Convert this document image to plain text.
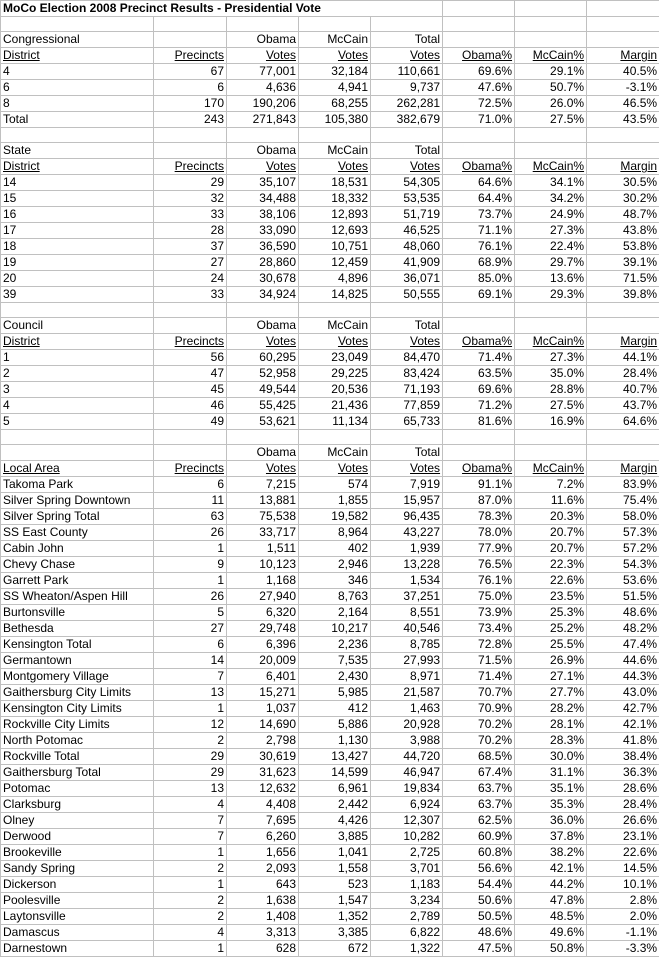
MoCo Election 2008 Precinct Results - Presidential Vote							

Congressional		Obama	McCain	Total			
District	Precincts	Votes	Votes	Votes	Obama%	McCain%	Margin
4	67	77,001	32,184	110,661	69.6%	29.1%	40.5%
6	6	4,636	4,941	9,737	47.6%	50.7%	-3.1%
8	170	190,206	68,255	262,281	72.5%	26.0%	46.5%
Total	243	271,843	105,380	382,679	71.0%	27.5%	43.5%

State		Obama	McCain	Total			
District	Precincts	Votes	Votes	Votes	Obama%	McCain%	Margin
14	29	35,107	18,531	54,305	64.6%	34.1%	30.5%
15	32	34,488	18,332	53,535	64.4%	34.2%	30.2%
16	33	38,106	12,893	51,719	73.7%	24.9%	48.7%
17	28	33,090	12,693	46,525	71.1%	27.3%	43.8%
18	37	36,590	10,751	48,060	76.1%	22.4%	53.8%
19	27	28,860	12,459	41,909	68.9%	29.7%	39.1%
20	24	30,678	4,896	36,071	85.0%	13.6%	71.5%
39	33	34,924	14,825	50,555	69.1%	29.3%	39.8%

Council		Obama	McCain	Total			
District	Precincts	Votes	Votes	Votes	Obama%	McCain%	Margin
1	56	60,295	23,049	84,470	71.4%	27.3%	44.1%
2	47	52,958	29,225	83,424	63.5%	35.0%	28.4%
3	45	49,544	20,536	71,193	69.6%	28.8%	40.7%
4	46	55,425	21,436	77,859	71.2%	27.5%	43.7%
5	49	53,621	11,134	65,733	81.6%	16.9%	64.6%

		Obama	McCain	Total			
Local Area	Precincts	Votes	Votes	Votes	Obama%	McCain%	Margin
Takoma Park	6	7,215	574	7,919	91.1%	7.2%	83.9%
Silver Spring Downtown	11	13,881	1,855	15,957	87.0%	11.6%	75.4%
Silver Spring Total	63	75,538	19,582	96,435	78.3%	20.3%	58.0%
SS East County	26	33,717	8,964	43,227	78.0%	20.7%	57.3%
Cabin John	1	1,511	402	1,939	77.9%	20.7%	57.2%
Chevy Chase	9	10,123	2,946	13,228	76.5%	22.3%	54.3%
Garrett Park	1	1,168	346	1,534	76.1%	22.6%	53.6%
SS Wheaton/Aspen Hill	26	27,940	8,763	37,251	75.0%	23.5%	51.5%
Burtonsville	5	6,320	2,164	8,551	73.9%	25.3%	48.6%
Bethesda	27	29,748	10,217	40,546	73.4%	25.2%	48.2%
Kensington Total	6	6,396	2,236	8,785	72.8%	25.5%	47.4%
Germantown	14	20,009	7,535	27,993	71.5%	26.9%	44.6%
Montgomery Village	7	6,401	2,430	8,971	71.4%	27.1%	44.3%
Gaithersburg City Limits	13	15,271	5,985	21,587	70.7%	27.7%	43.0%
Kensington City Limits	1	1,037	412	1,463	70.9%	28.2%	42.7%
Rockville City Limits	12	14,690	5,886	20,928	70.2%	28.1%	42.1%
North Potomac	2	2,798	1,130	3,988	70.2%	28.3%	41.8%
Rockville Total	29	30,619	13,427	44,720	68.5%	30.0%	38.4%
Gaithersburg Total	29	31,623	14,599	46,947	67.4%	31.1%	36.3%
Potomac	13	12,632	6,961	19,834	63.7%	35.1%	28.6%
Clarksburg	4	4,408	2,442	6,924	63.7%	35.3%	28.4%
Olney	7	7,695	4,426	12,307	62.5%	36.0%	26.6%
Derwood	7	6,260	3,885	10,282	60.9%	37.8%	23.1%
Brookeville	1	1,656	1,041	2,725	60.8%	38.2%	22.6%
Sandy Spring	2	2,093	1,558	3,701	56.6%	42.1%	14.5%
Dickerson	1	643	523	1,183	54.4%	44.2%	10.1%
Poolesville	2	1,638	1,547	3,234	50.6%	47.8%	2.8%
Laytonsville	2	1,408	1,352	2,789	50.5%	48.5%	2.0%
Damascus	4	3,313	3,385	6,822	48.6%	49.6%	-1.1%
Darnestown	1	628	672	1,322	47.5%	50.8%	-3.3%
